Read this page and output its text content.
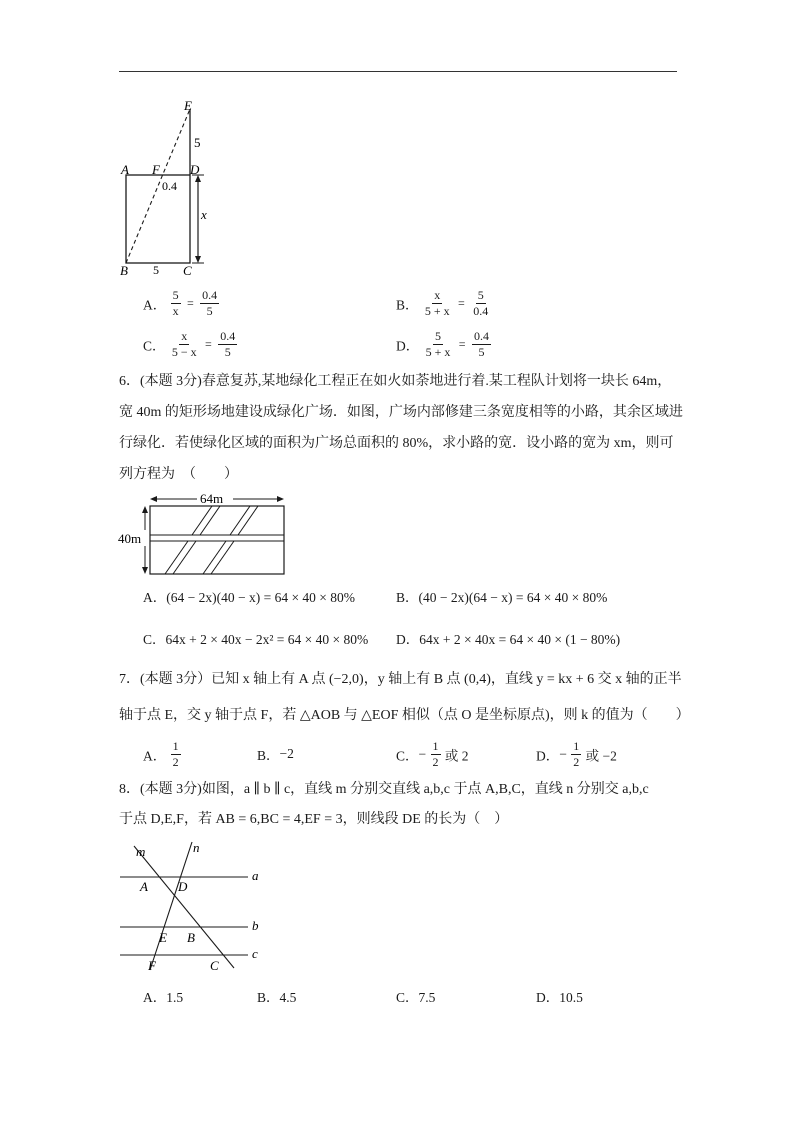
E
5
A F D
0.4
x
B 5 C
A． $\frac{5}{x} = \frac{0.4}{5}$	B． $\frac{x}{5 + x} = \frac{5}{0.4}$
C． $\frac{x}{5 - x} = \frac{0.4}{5}$	D． $\frac{5}{5 + x} = \frac{0.4}{5}$
6．(本题 3分)春意复苏,某地绿化工程正在如火如荼地进行着.某工程队计划将一块长 64m，
宽 40m 的矩形场地建设成绿化广场．如图，广场内部修建三条宽度相等的小路，其余区域进
行绿化．若使绿化区域的面积为广场总面积的 80%，求小路的宽．设小路的宽为 xm，则可
列方程为　（　　）
64m
40m
A．(64 − 2x)(40 − x) = 64 × 40 × 80%	B．(40 − 2x)(64 − x) = 64 × 40 × 80%
C．64x + 2 × 40x − 2x² = 64 × 40 × 80% D．64x + 2 × 40x = 64 × 40 × (1 − 80%)
7．(本题 3分）已知 x 轴上有 A 点 (−2,0)，y 轴上有 B 点 (0,4)，直线 y = kx + 6 交 x 轴的正半
轴于点 E，交 y 轴于点 F，若 △AOB 与 △EOF 相似（点 O 是坐标原点)，则 k 的值为（　　）
A． $\frac{1}{2}$	B．−2	C．− $\frac{1}{2}$ 或 2	D．− $\frac{1}{2}$ 或 −2
8．(本题 3分)如图，a ∥ b ∥ c，直线 m 分别交直线 a,b,c 于点 A,B,C，直线 n 分别交 a,b,c
于点 D,E,F，若 AB = 6,BC = 4,EF = 3，则线段 DE 的长为（　）
m	n
a
b
c
A D
E B
F	C
A．1.5	B．4.5	C．7.5	D．10.5
